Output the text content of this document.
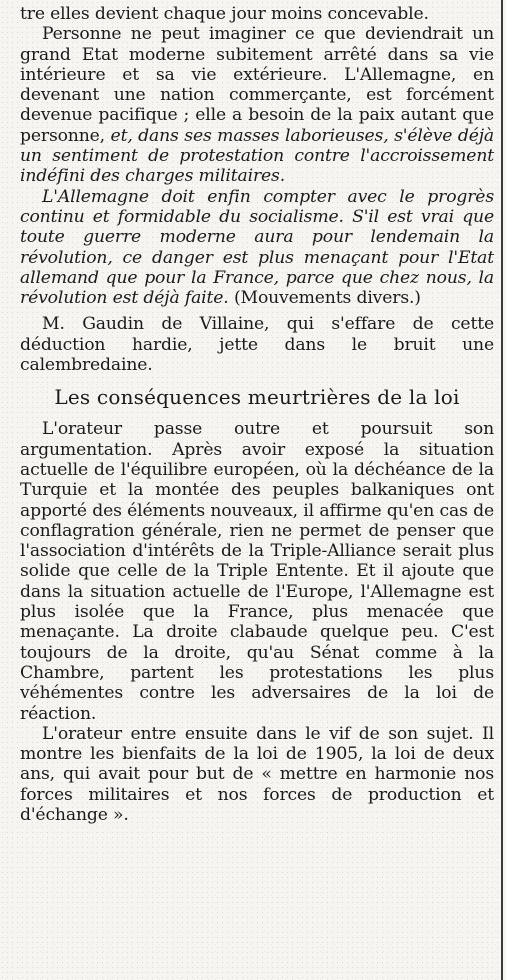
tre elles devient chaque jour moins concevable.

Personne ne peut imaginer ce que deviendrait un grand Etat moderne subitement arrêté dans sa vie intérieure et sa vie extérieure. L'Allemagne, en devenant une nation commerçante, est forcément devenue pacifique ; elle a besoin de la paix autant que personne, et, dans ses masses laborieuses, s'élève déjà un sentiment de protestation contre l'accroissement indéfini des charges militaires.

L'Allemagne doit enfin compter avec le progrès continu et formidable du socialisme. S'il est vrai que toute guerre moderne aura pour lendemain la révolution, ce danger est plus menaçant pour l'Etat allemand que pour la France, parce que chez nous, la révolution est déjà faite. (Mouvements divers.)

M. Gaudin de Villaine, qui s'effare de cette déduction hardie, jette dans le bruit une calembredaine.

Les conséquences meurtrières de la loi

L'orateur passe outre et poursuit son argumentation. Après avoir exposé la situation actuelle de l'équilibre européen, où la déchéance de la Turquie et la montée des peuples balkaniques ont apporté des éléments nouveaux, il affirme qu'en cas de conflagration générale, rien ne permet de penser que l'association d'intérêts de la Triple-Alliance serait plus solide que celle de la Triple Entente. Et il ajoute que dans la situation actuelle de l'Europe, l'Allemagne est plus isolée que la France, plus menacée que menaçante. La droite clabaude quelque peu. C'est toujours de la droite, qu'au Sénat comme à la Chambre, partent les protestations les plus véhémentes contre les adversaires de la loi de réaction.

L'orateur entre ensuite dans le vif de son sujet. Il montre les bienfaits de la loi de 1905, la loi de deux ans, qui avait pour but de « mettre en harmonie nos forces militaires et nos forces de production et d'échange ».
